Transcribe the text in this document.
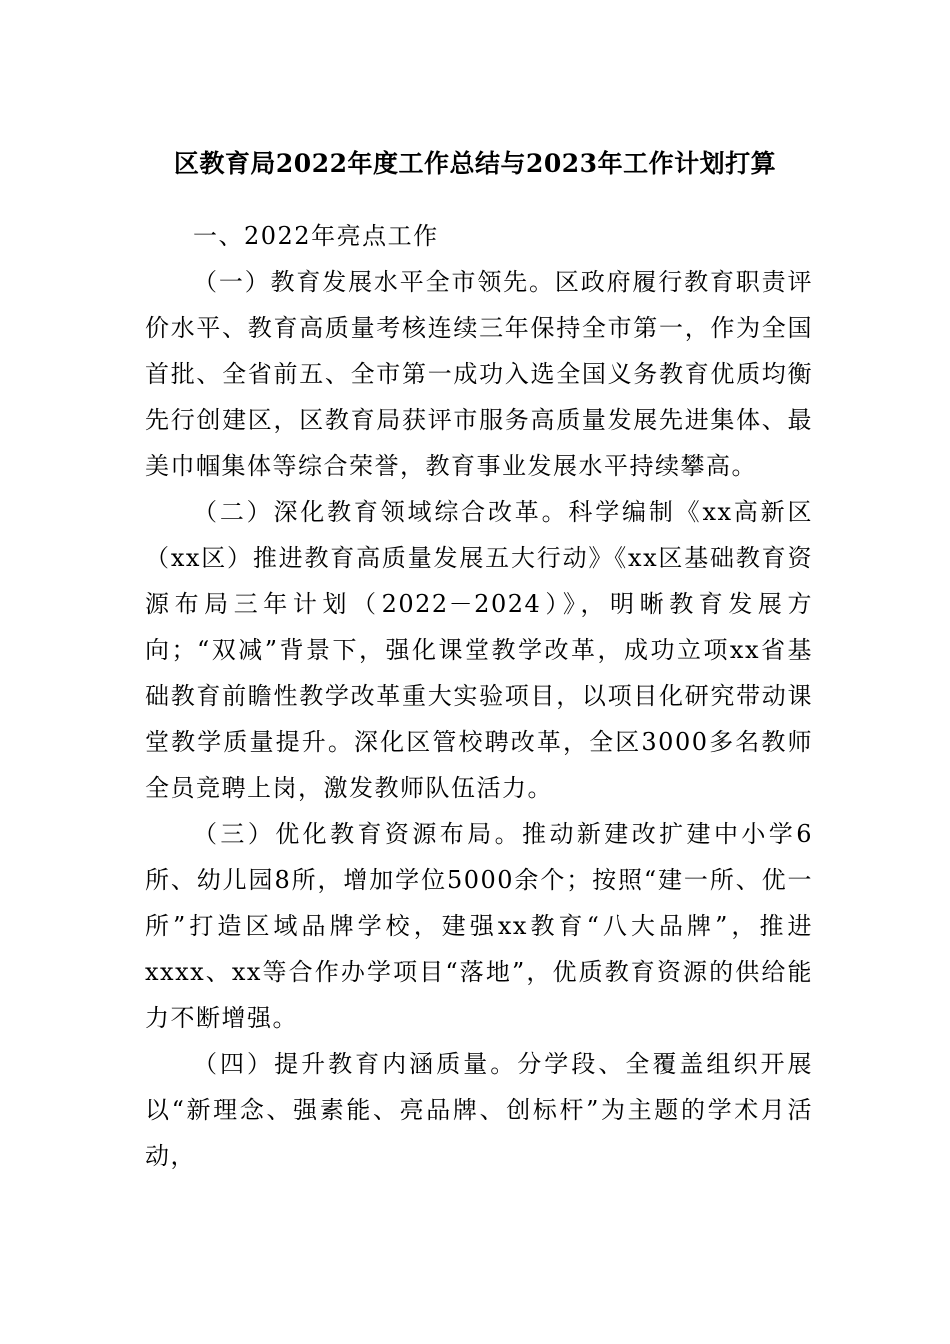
区教育局2022年度工作总结与2023年工作计划打算

一、2022年亮点工作

（一）教育发展水平全市领先。区政府履行教育职责评价水平、教育高质量考核连续三年保持全市第一，作为全国首批、全省前五、全市第一成功入选全国义务教育优质均衡先行创建区，区教育局获评市服务高质量发展先进集体、最美巾帼集体等综合荣誉，教育事业发展水平持续攀高。

（二）深化教育领域综合改革。科学编制《xx高新区（xx区）推进教育高质量发展五大行动》《xx区基础教育资源布局三年计划（2022－2024）》，明晰教育发展方向；“双减”背景下，强化课堂教学改革，成功立项xx省基础教育前瞻性教学改革重大实验项目，以项目化研究带动课堂教学质量提升。深化区管校聘改革，全区3000多名教师全员竞聘上岗，激发教师队伍活力。

（三）优化教育资源布局。推动新建改扩建中小学6所、幼儿园8所，增加学位5000余个；按照“建一所、优一所”打造区域品牌学校，建强xx教育“八大品牌”，推进xxxx、xx等合作办学项目“落地”，优质教育资源的供给能力不断增强。

（四）提升教育内涵质量。分学段、全覆盖组织开展以“新理念、强素能、亮品牌、创标杆”为主题的学术月活动，
